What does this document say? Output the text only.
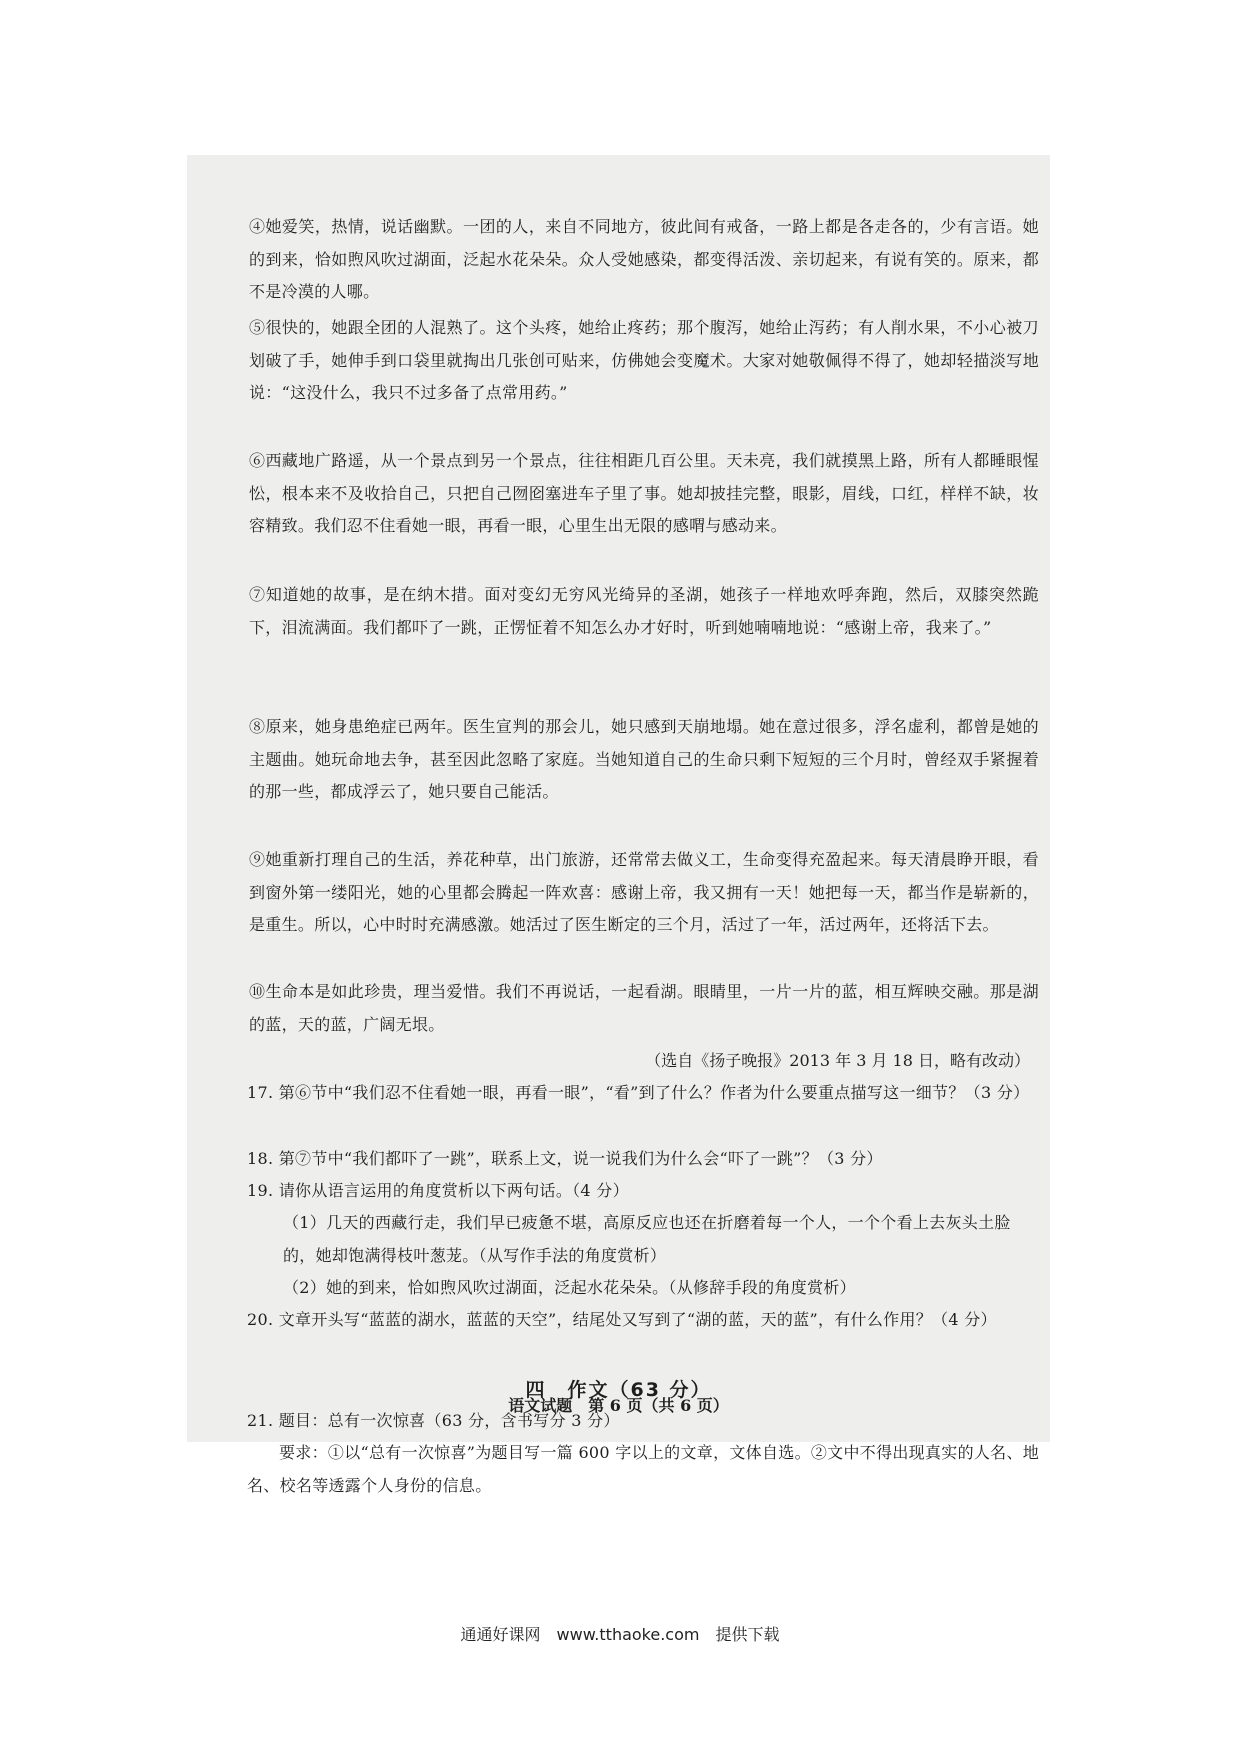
④她爱笑，热情，说话幽默。一团的人，来自不同地方，彼此间有戒备，一路上都是各走各的，少有言语。她的到来，恰如煦风吹过湖面，泛起水花朵朵。众人受她感染，都变得活泼、亲切起来，有说有笑的。原来，都不是冷漠的人哪。

⑤很快的，她跟全团的人混熟了。这个头疼，她给止疼药；那个腹泻，她给止泻药；有人削水果，不小心被刀划破了手，她伸手到口袋里就掏出几张创可贴来，仿佛她会变魔术。大家对她敬佩得不得了，她却轻描淡写地说：“这没什么，我只不过多备了点常用药。”

⑥西藏地广路遥，从一个景点到另一个景点，往往相距几百公里。天未亮，我们就摸黑上路，所有人都睡眼惺忪，根本来不及收拾自己，只把自己囫囵塞进车子里了事。她却披挂完整，眼影，眉线，口红，样样不缺，妆容精致。我们忍不住看她一眼，再看一眼，心里生出无限的感喟与感动来。

⑦知道她的故事，是在纳木措。面对变幻无穷风光绮异的圣湖，她孩子一样地欢呼奔跑，然后，双膝突然跪下，泪流满面。我们都吓了一跳，正愣怔着不知怎么办才好时，听到她喃喃地说：“感谢上帝，我来了。”

⑧原来，她身患绝症已两年。医生宣判的那会儿，她只感到天崩地塌。她在意过很多，浮名虚利，都曾是她的主题曲。她玩命地去争，甚至因此忽略了家庭。当她知道自己的生命只剩下短短的三个月时，曾经双手紧握着的那一些，都成浮云了，她只要自己能活。

⑨她重新打理自己的生活，养花种草，出门旅游，还常常去做义工，生命变得充盈起来。每天清晨睁开眼，看到窗外第一缕阳光，她的心里都会腾起一阵欢喜：感谢上帝，我又拥有一天！她把每一天，都当作是崭新的，是重生。所以，心中时时充满感激。她活过了医生断定的三个月，活过了一年，活过两年，还将活下去。

⑩生命本是如此珍贵，理当爱惜。我们不再说话，一起看湖。眼睛里，一片一片的蓝，相互辉映交融。那是湖的蓝，天的蓝，广阔无垠。

（选自《扬子晚报》2013 年 3 月 18 日，略有改动）

17. 第⑥节中“我们忍不住看她一眼，再看一眼”，“看”到了什么？作者为什么要重点描写这一细节？（3 分）

18. 第⑦节中“我们都吓了一跳”，联系上文，说一说我们为什么会“吓了一跳”？（3 分）

19. 请你从语言运用的角度赏析以下两句话。（4 分）

（1）几天的西藏行走，我们早已疲惫不堪，高原反应也还在折磨着每一个人，一个个看上去灰头土脸的，她却饱满得枝叶葱茏。（从写作手法的角度赏析）

（2）她的到来，恰如煦风吹过湖面，泛起水花朵朵。（从修辞手段的角度赏析）

20. 文章开头写“蓝蓝的湖水，蓝蓝的天空”，结尾处又写到了“湖的蓝，天的蓝”，有什么作用？（4 分）

四　作文（63 分）

21. 题目：总有一次惊喜（63 分，含书写分 3 分）

要求：①以“总有一次惊喜”为题目写一篇 600 字以上的文章，文体自选。②文中不得出现真实的人名、地名、校名等透露个人身份的信息。

语文试题　第 6 页（共 6 页）
通通好课网　www.tthaoke.com　提供下载
